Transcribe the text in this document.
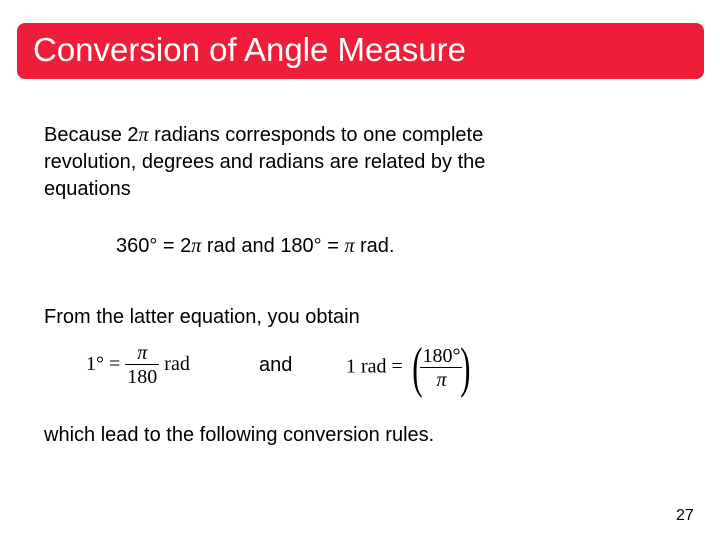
Conversion of Angle Measure
Because 2π radians corresponds to one complete
revolution, degrees and radians are related by the
equations
360° = 2π rad and 180° = π rad.
From the latter equation, you obtain
$1^\circ = \frac{\pi}{180}$ rad	and	1 rad = (
$\frac{180^\circ}{\pi}$
)
which lead to the following conversion rules.
27
